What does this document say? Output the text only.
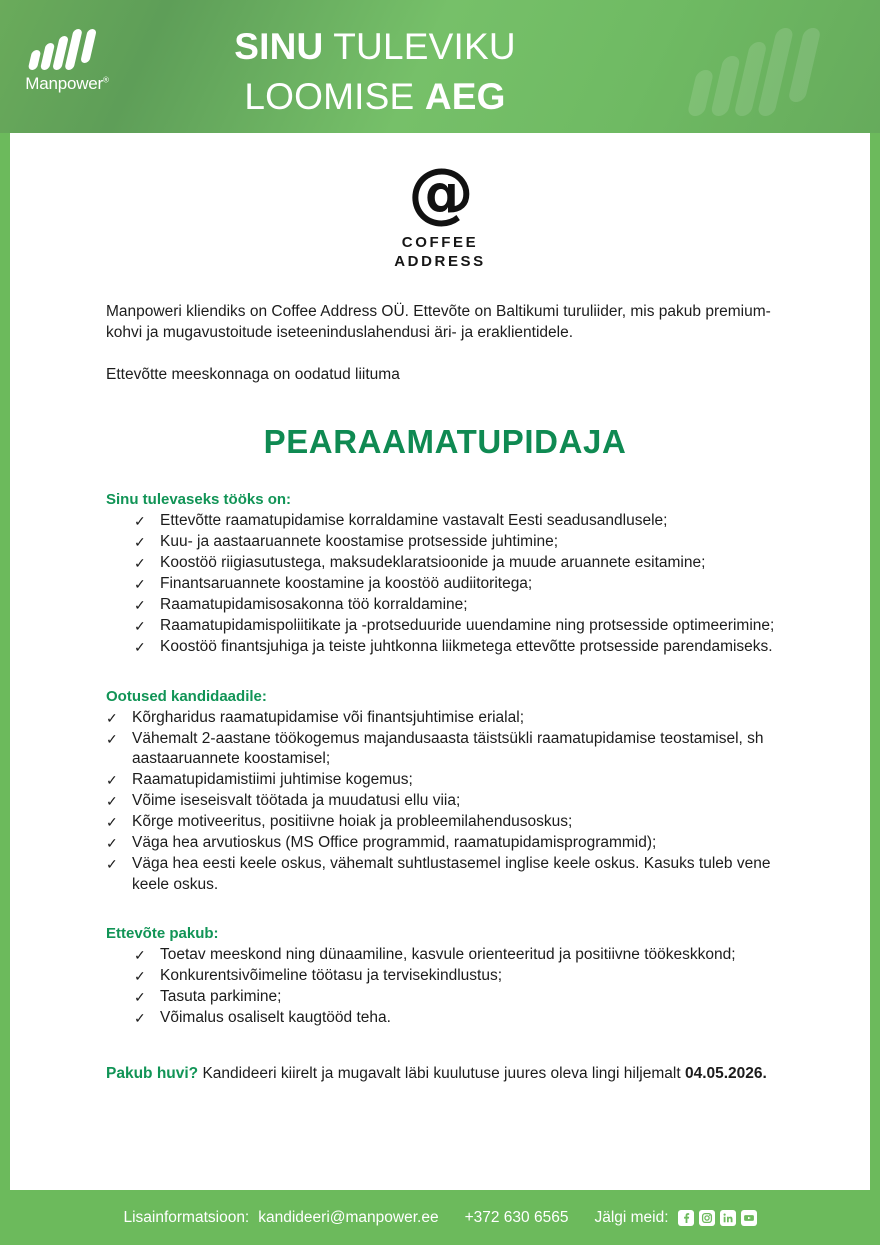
Manpower®
SINU TULEVIKU
LOOMISE AEG
@
COFFEE
ADDRESS

Manpoweri kliendiks on Coffee Address OÜ. Ettevõte on Baltikumi turuliider, mis pakub premium-kohvi ja mugavustoitude iseteeninduslahendusi äri- ja eraklientidele.

Ettevõtte meeskonnaga on oodatud liituma

PEARAAMATUPIDAJA
Sinu tulevaseks tööks on:
✓ Ettevõtte raamatupidamise korraldamine vastavalt Eesti seadusandlusele;
✓ Kuu- ja aastaaruannete koostamise protsesside juhtimine;
✓ Koostöö riigiasutustega, maksudeklaratsioonide ja muude aruannete esitamine;
✓ Finantsaruannete koostamine ja koostöö audiitoritega;
✓ Raamatupidamisosakonna töö korraldamine;
✓ Raamatupidamispoliitikate ja -protseduuride uuendamine ning protsesside optimeerimine;
✓ Koostöö finantsjuhiga ja teiste juhtkonna liikmetega ettevõtte protsesside parendamiseks.
Ootused kandidaadile:
✓ Kõrgharidus raamatupidamise või finantsjuhtimise erialal;
✓ Vähemalt 2-aastane töökogemus majandusaasta täistsükli raamatupidamise teostamisel, sh aastaaruannete koostamisel;
✓ Raamatupidamistiimi juhtimise kogemus;
✓ Võime iseseisvalt töötada ja muudatusi ellu viia;
✓ Kõrge motiveeritus, positiivne hoiak ja probleemilahendusoskus;
✓ Väga hea arvutioskus (MS Office programmid, raamatupidamisprogrammid);
✓ Väga hea eesti keele oskus, vähemalt suhtlustasemel inglise keele oskus. Kasuks tuleb vene keele oskus.
Ettevõte pakub:
✓ Toetav meeskond ning dünaamiline, kasvule orienteeritud ja positiivne töökeskkond;
✓ Konkurentsivõimeline töötasu ja tervisekindlustus;
✓ Tasuta parkimine;
✓ Võimalus osaliselt kaugtööd teha.

Pakub huvi? Kandideeri kiirelt ja mugavalt läbi kuulutuse juures oleva lingi hiljemalt 04.05.2026.

Lisainformatsioon: kandideeri@manpower.ee +372 630 6565 Jälgi meid:
